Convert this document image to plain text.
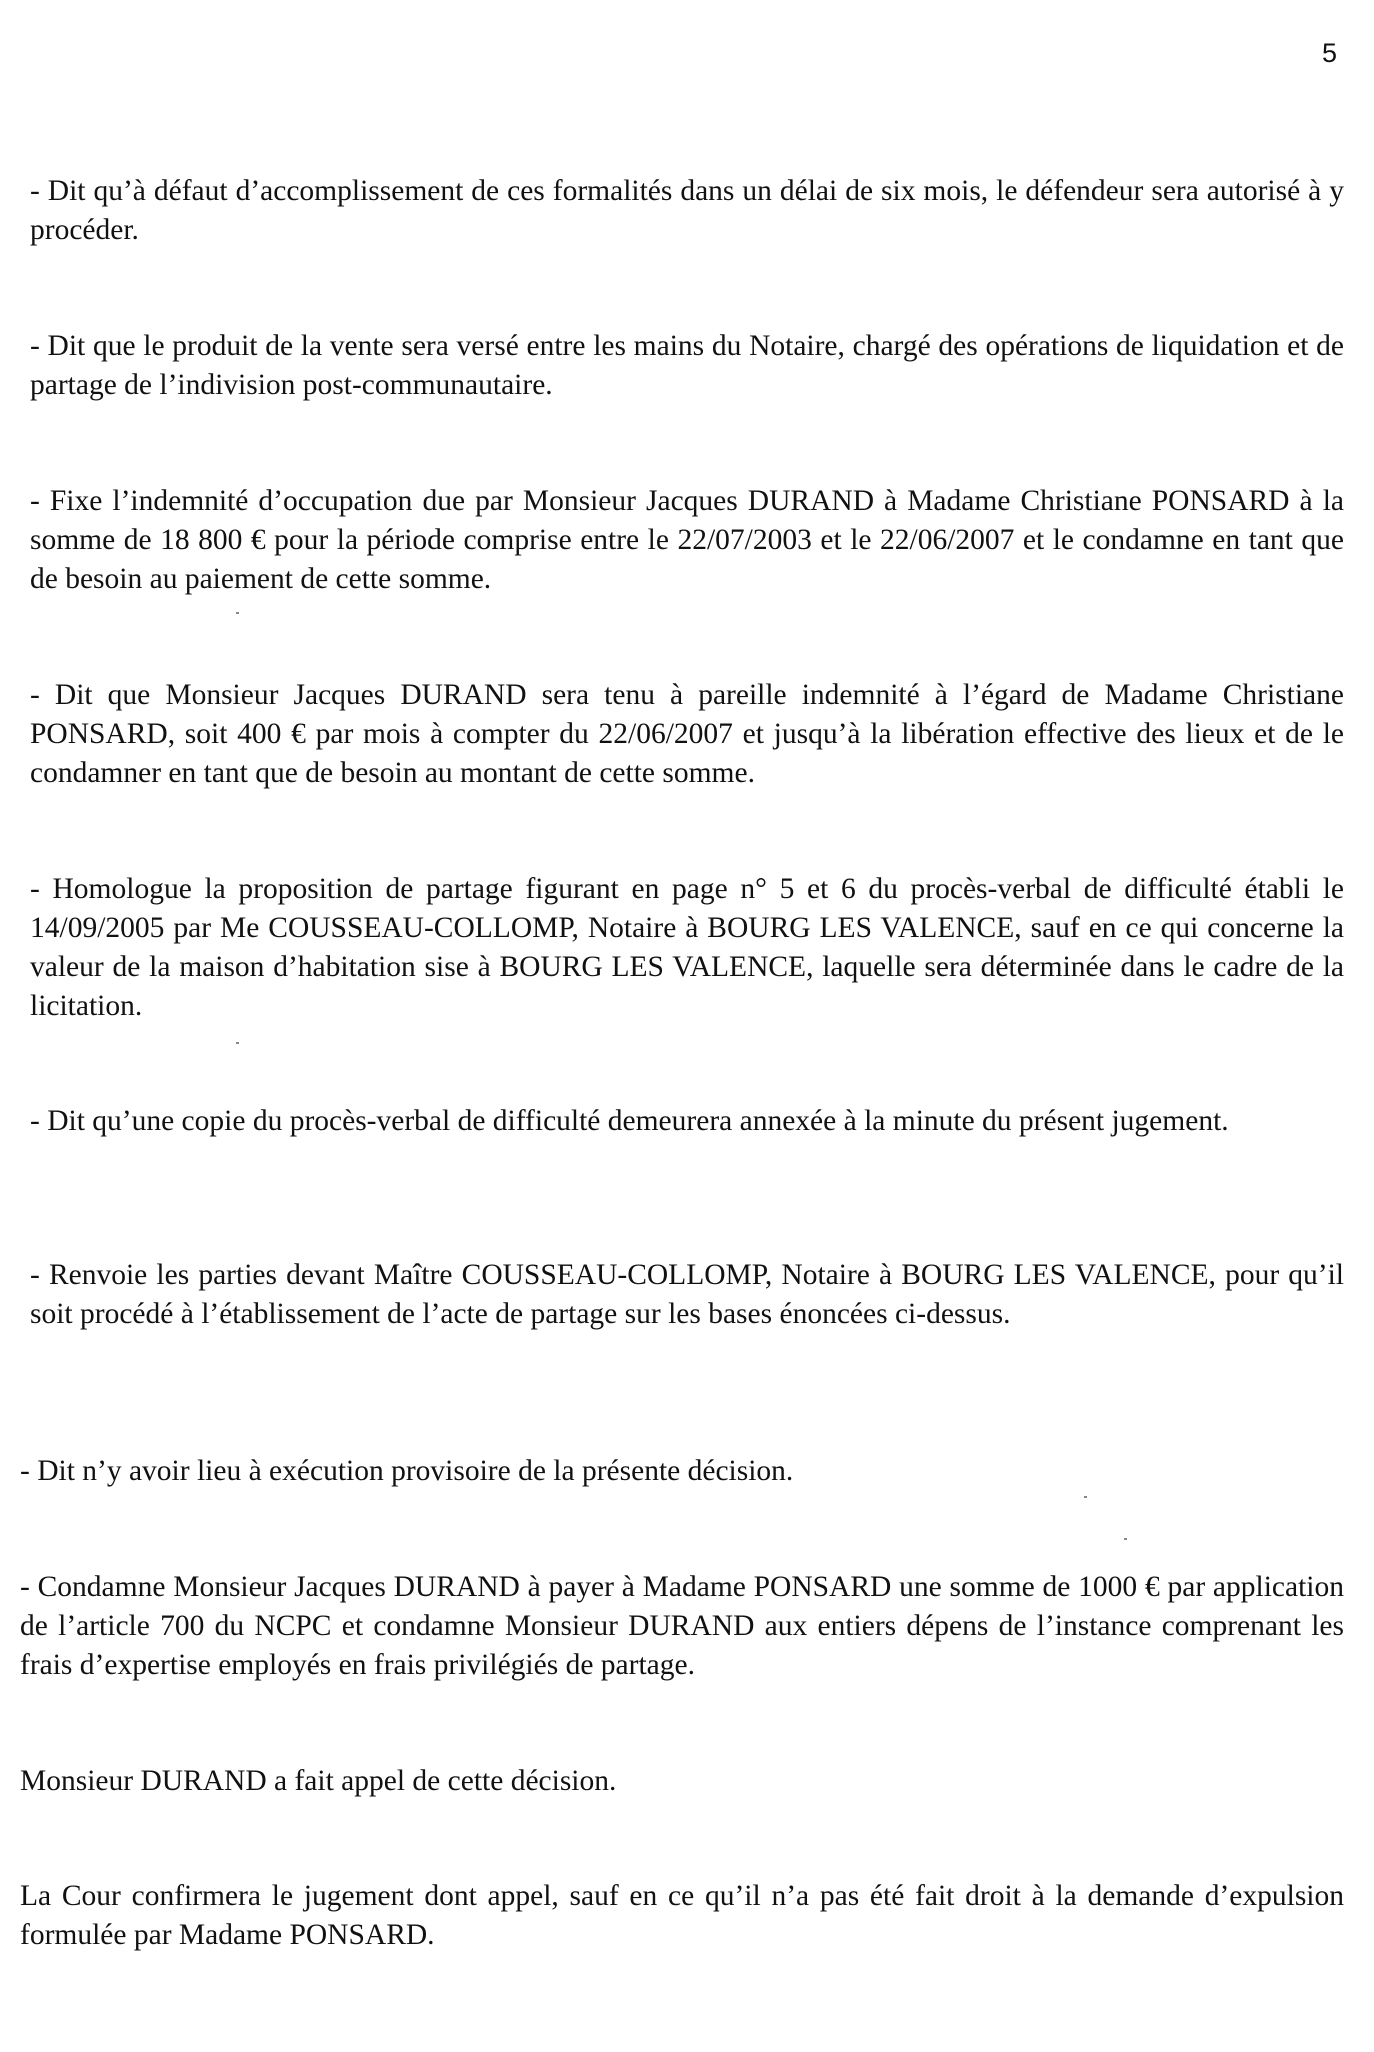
5

- Dit qu’à défaut d’accomplissement de ces formalités dans un délai de six mois, le défendeur sera autorisé à y procéder.

- Dit que le produit de la vente sera versé entre les mains du Notaire, chargé des opérations de liquidation et de partage de l’indivision post-communautaire.

- Fixe l’indemnité d’occupation due par Monsieur Jacques DURAND à Madame Christiane PONSARD à la somme de 18 800 € pour la période comprise entre le 22/07/2003 et le 22/06/2007 et le condamne en tant que de besoin au paiement de cette somme.

- Dit que Monsieur Jacques DURAND sera tenu à pareille indemnité à l’égard de Madame Christiane PONSARD, soit 400 € par mois à compter du 22/06/2007 et jusqu’à la libération effective des lieux et de le condamner en tant que de besoin au montant de cette somme.

- Homologue la proposition de partage figurant en page n° 5 et 6 du procès-verbal de difficulté établi le 14/09/2005 par Me COUSSEAU-COLLOMP, Notaire à BOURG LES VALENCE, sauf en ce qui concerne la valeur de la maison d’habitation sise à BOURG LES VALENCE, laquelle sera déterminée dans le cadre de la licitation.

- Dit qu’une copie du procès-verbal de difficulté demeurera annexée à la minute du présent jugement.

- Renvoie les parties devant Maître COUSSEAU-COLLOMP, Notaire à BOURG LES VALENCE, pour qu’il soit procédé à l’établissement de l’acte de partage sur les bases énoncées ci-dessus.

- Dit n’y avoir lieu à exécution provisoire de la présente décision.

- Condamne Monsieur Jacques DURAND à payer à Madame PONSARD une somme de 1000 € par application de l’article 700 du NCPC et condamne Monsieur DURAND aux entiers dépens de l’instance comprenant les frais d’expertise employés en frais privilégiés de partage.

Monsieur DURAND a fait appel de cette décision.

La Cour confirmera le jugement dont appel, sauf en ce qu’il n’a pas été fait droit à la demande d’expulsion formulée par Madame PONSARD.
